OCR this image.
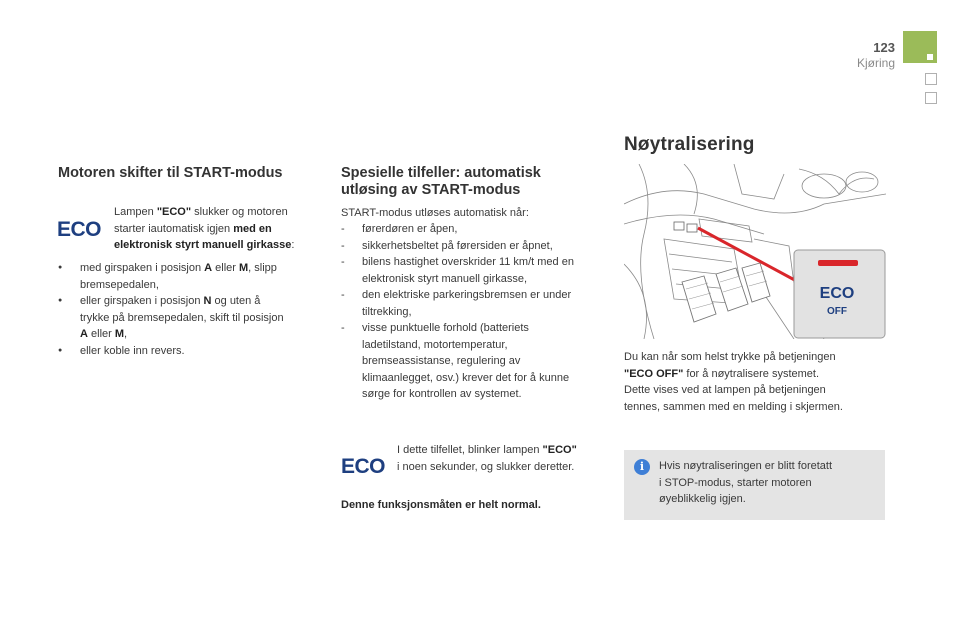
123
Kjøring
Motoren skifter til START-modus
ECO
Lampen "ECO" slukker og motoren
starter iautomatisk igjen med en
elektronisk styrt manuell girkasse:
● med girspaken i posisjon A eller M, slipp
bremsepedalen,
● eller girspaken i posisjon N og uten å
trykke på bremsepedalen, skift til posisjon
A eller M,
● eller koble inn revers.
Spesielle tilfeller: automatisk
utløsing av START-modus
START-modus utløses automatisk når:
- førerdøren er åpen,
- sikkerhetsbeltet på førersiden er åpnet,
- bilens hastighet overskrider 11 km/t med en
elektronisk styrt manuell girkasse,
- den elektriske parkeringsbremsen er under
tiltrekking,
- visse punktuelle forhold (batteriets
ladetilstand, motortemperatur,
bremseassistanse, regulering av
klimaanlegget, osv.) krever det for å kunne
sørge for kontrollen av systemet.
ECO
I dette tilfellet, blinker lampen "ECO"
i noen sekunder, og slukker deretter.
Denne funksjonsmåten er helt normal.
Nøytralisering
ECO
OFF
Du kan når som helst trykke på betjeningen
"ECO OFF" for å nøytralisere systemet.
Dette vises ved at lampen på betjeningen
tennes, sammen med en melding i skjermen.
i	Hvis nøytraliseringen er blitt foretatt
i STOP-modus, starter motoren
øyeblikkelig igjen.
